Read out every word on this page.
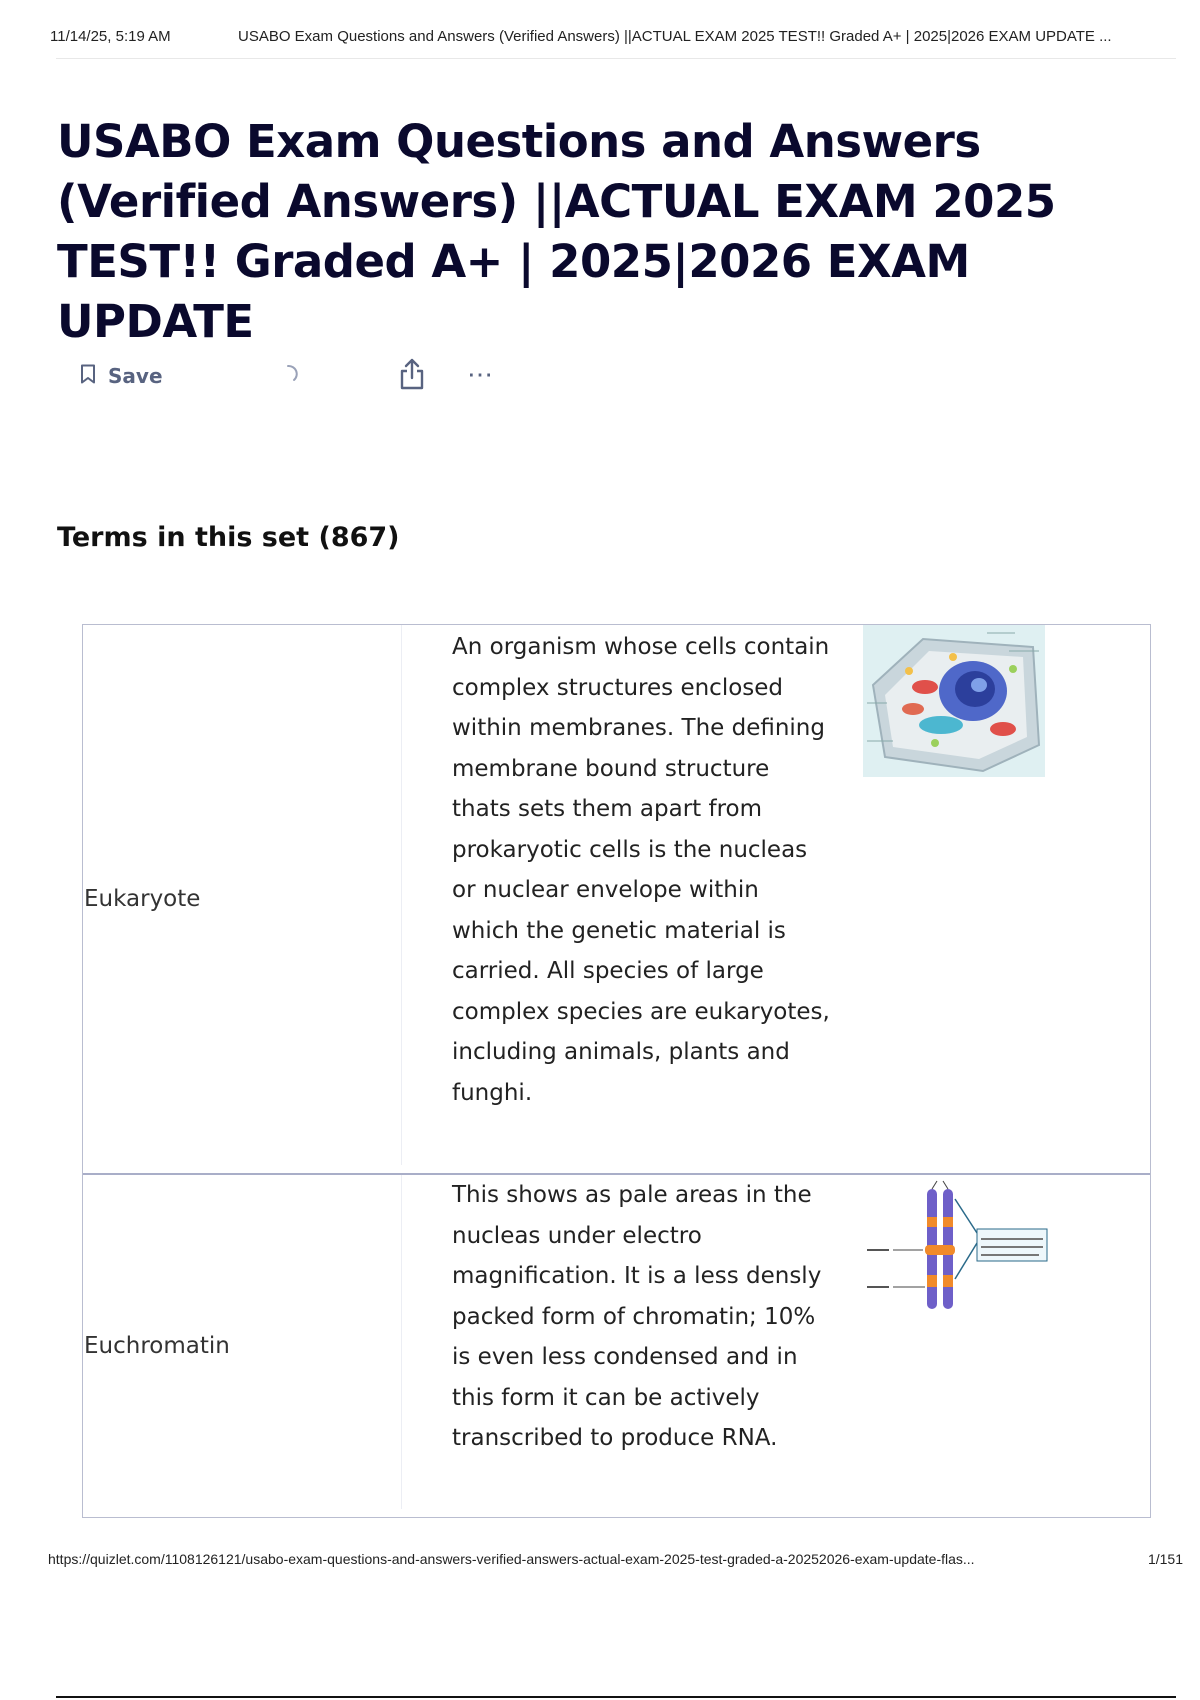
11/14/25, 5:19 AM	USABO Exam Questions and Answers (Verified Answers) ||ACTUAL EXAM 2025 TEST!! Graded A+ | 2025|2026 EXAM UPDATE ...
USABO Exam Questions and Answers (Verified Answers) ||ACTUAL EXAM 2025 TEST!! Graded A+ | 2025|2026 EXAM UPDATE
Save	⋯
Terms in this set (867)
Eukaryote
An organism whose cells contain complex structures enclosed within membranes. The defining membrane bound structure thats sets them apart from prokaryotic cells is the nucleas or nuclear envelope within which the genetic material is carried. All species of large complex species are eukaryotes, including animals, plants and funghi.
Euchromatin
This shows as pale areas in the nucleas under electro magnification. It is a less densly packed form of chromatin; 10% is even less condensed and in this form it can be actively transcribed to produce RNA.
https://quizlet.com/1108126121/usabo-exam-questions-and-answers-verified-answers-actual-exam-2025-test-graded-a-20252026-exam-update-flas...	1/151
